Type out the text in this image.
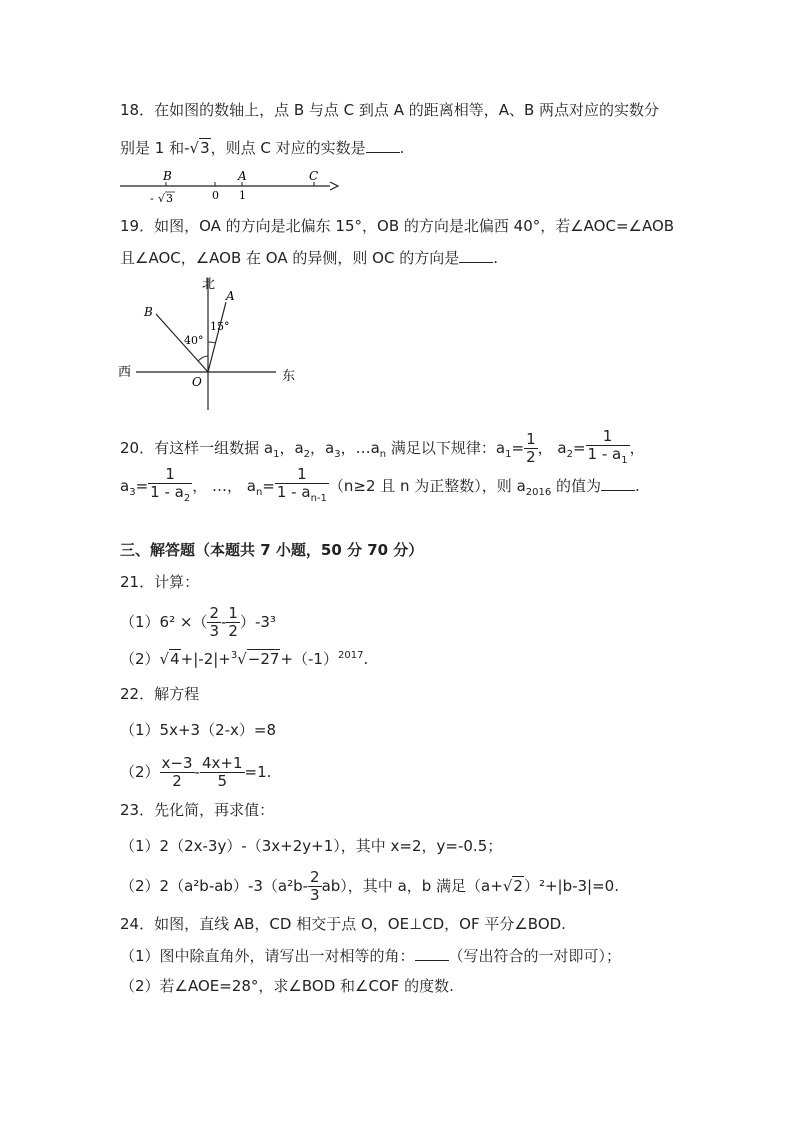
18．在如图的数轴上，点 B 与点 C 到点 A 的距离相等，A、B 两点对应的实数分
别是 1 和-√3，则点 C 对应的实数是 .
B	A	C
0 1
- √ 3
19．如图，OA 的方向是北偏东 15°，OB 的方向是北偏西 40°，若∠AOC=∠AOB
且∠AOC，∠AOB 在 OA 的异侧，则 OC 的方向是 .
北
西	东
A
B
O
40°
15°
20．有这样一组数据 $a_1$，$a_2$，$a_3$，$\dots a_n$ 满足以下规律：$a_1= \frac{1}{2}$ ， $a_2= \frac{1}{1 - a_1}$ ，
$a_3= \frac{1}{1 - a_2}$ ， …， $a_n= \frac{1}{1 - a_{n-1}} (n\ge 2$ 且 n 为正整数），则 $a_{2016}$ 的值为 .
三、解答题（本题共 7 小题，50 分 70 分）
21．计算：
（1）6² ×（ $\frac{2}{3} - \frac{1}{2} )-3^3$
$(2)√4+|-2|+^3√-27+(-1)^{2017}$.
22．解方程
（1）5x+3（2-x）=8
$(2) \frac{x-3}{2} - \frac{4x+1}{5} =1$.
23．先化简，再求值：
（1）2（2x-3y）-（3x+2y+1），其中 x=2，y=-0.5；
$(2)2(a^2b-ab)-3(a^2b- \frac{2}{3} ab)$，其中 a，b 满足（a+√2）²+|b-3|=0.
24．如图，直线 AB，CD 相交于点 O，OE⊥CD，OF 平分∠BOD.
（1）图中除直角外，请写出一对相等的角： （写出符合的一对即可）；
（2）若∠AOE=28°，求∠BOD 和∠COF 的度数.
